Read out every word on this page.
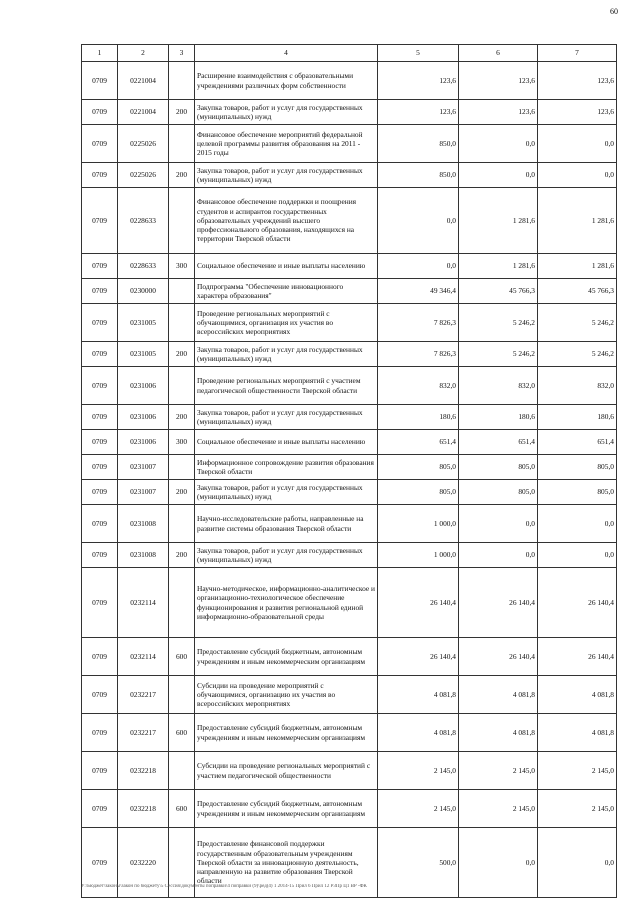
60
1	2	3	4	5	6	7
0709	0221004		Расширение взаимодействия с образовательными учреждениями различных форм собственности	123,6	123,6	123,6
0709	0221004	200	Закупка товаров, работ и услуг для государственных (муниципальных) нужд	123,6	123,6	123,6
0709	0225026		Финансовое обеспечение мероприятий федеральной целевой программы развития образования на 2011 - 2015 годы	850,0	0,0	0,0
0709	0225026	200	Закупка товаров, работ и услуг для государственных (муниципальных) нужд	850,0	0,0	0,0
0709	0228633		Финансовое обеспечение поддержки и поощрения студентов и аспирантов государственных образовательных учреждений высшего профессионального образования, находящихся на территории Тверской области	0,0	1 281,6	1 281,6
0709	0228633	300	Социальное обеспечение и иные выплаты населению	0,0	1 281,6	1 281,6
0709	0230000		Подпрограмма "Обеспечение инновационного характера образования"	49 346,4	45 766,3	45 766,3
0709	0231005		Проведение региональных мероприятий с обучающимися, организация их участия во всероссийских мероприятиях	7 826,3	5 246,2	5 246,2
0709	0231005	200	Закупка товаров, работ и услуг для государственных (муниципальных) нужд	7 826,3	5 246,2	5 246,2
0709	0231006		Проведение региональных мероприятий с участием педагогической общественности Тверской области	832,0	832,0	832,0
0709	0231006	200	Закупка товаров, работ и услуг для государственных (муниципальных) нужд	180,6	180,6	180,6
0709	0231006	300	Социальное обеспечение и иные выплаты населению	651,4	651,4	651,4
0709	0231007		Информационное сопровождение развития образования Тверской области	805,0	805,0	805,0
0709	0231007	200	Закупка товаров, работ и услуг для государственных (муниципальных) нужд	805,0	805,0	805,0
0709	0231008		Научно-исследовательские работы, направленные на развитие системы образования Тверской области	1 000,0	0,0	0,0
0709	0231008	200	Закупка товаров, работ и услуг для государственных (муниципальных) нужд	1 000,0	0,0	0,0
0709	0232114		Научно-методическое, информационно-аналитическое и организационно-технологическое обеспечение функционирования и развития региональной единой информационно-образовательной среды	26 140,4	26 140,4	26 140,4
0709	0232114	600	Предоставление субсидий бюджетным, автономным учреждениям и иным некоммерческим организациям	26 140,4	26 140,4	26 140,4
0709	0232217		Субсидии на проведение мероприятий с обучающимися, организацию их участия во всероссийских мероприятиях	4 081,8	4 081,8	4 081,8
0709	0232217	600	Предоставление субсидий бюджетным, автономным учреждениям и иным некоммерческим организациям	4 081,8	4 081,8	4 081,8
0709	0232218		Субсидии на проведение региональных мероприятий с участием педагогической общественности	2 145,0	2 145,0	2 145,0
0709	0232218	600	Предоставление субсидий бюджетным, автономным учреждениям и иным некоммерческим организациям	2 145,0	2 145,0	2 145,0
0709	0232220		Предоставление финансовой поддержки государственным образовательным учреждениям Тверской области за инновационную деятельность, направленную на развитие образования Тверской области	500,0	0,0	0,0
У:\Бюджет\законы\закон по бюджету\5 Сессия\документы поправки\4 поправки (9)\ред(4) 1 2014-15 Прил 6 Прил 12 Р3Пр Ц1 ВР -ФК
